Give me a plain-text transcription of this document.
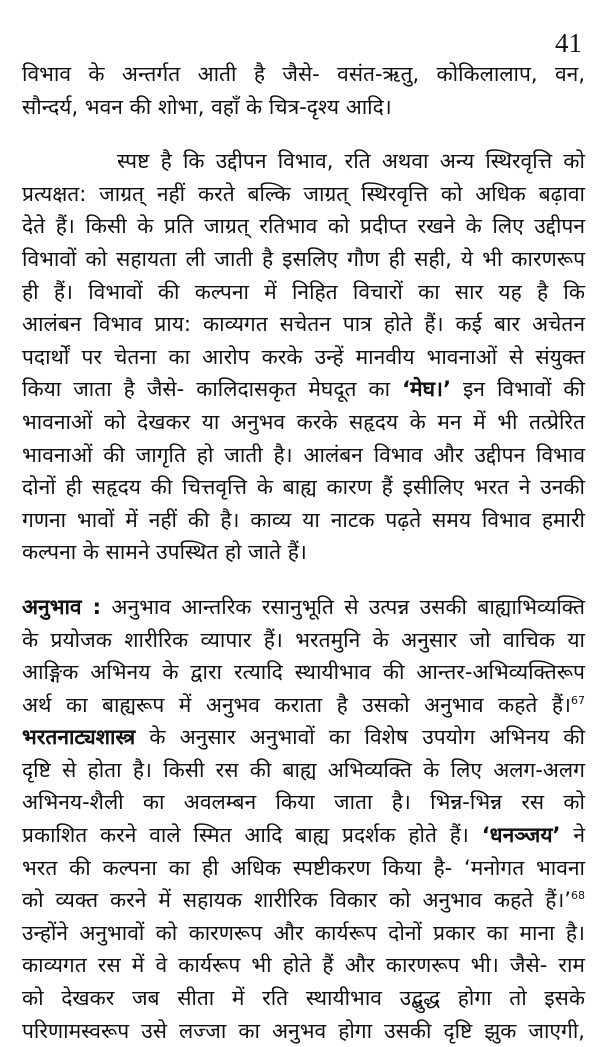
41
विभाव के अन्तर्गत आती है जैसे- वसंत-ऋतु, कोकिलालाप, वन,
सौन्दर्य, भवन की शोभा, वहाँ के चित्र-दृश्य आदि।
स्पष्ट है कि उद्दीपन विभाव, रति अथवा अन्य स्थिरवृत्ति को
प्रत्यक्षत: जाग्रत् नहीं करते बल्कि जाग्रत् स्थिरवृत्ति को अधिक बढ़ावा
देते हैं। किसी के प्रति जाग्रत् रतिभाव को प्रदीप्त रखने के लिए उद्दीपन
विभावों को सहायता ली जाती है इसलिए गौण ही सही, ये भी कारणरूप
ही हैं। विभावों की कल्पना में निहित विचारों का सार यह है कि
आलंबन विभाव प्राय: काव्यगत सचेतन पात्र होते हैं। कई बार अचेतन
पदार्थों पर चेतना का आरोप करके उन्हें मानवीय भावनाओं से संयुक्त
किया जाता है जैसे- कालिदासकृत मेघदूत का ‘मेघ।’ इन विभावों की
भावनाओं को देखकर या अनुभव करके सहृदय के मन में भी तत्प्रेरित
भावनाओं की जागृति हो जाती है। आलंबन विभाव और उद्दीपन विभाव
दोनों ही सहृदय की चित्तवृत्ति के बाह्य कारण हैं इसीलिए भरत ने उनकी
गणना भावों में नहीं की है। काव्य या नाटक पढ़ते समय विभाव हमारी
कल्पना के सामने उपस्थित हो जाते हैं।
अनुभाव : अनुभाव आन्तरिक रसानुभूति से उत्पन्न उसकी बाह्याभिव्यक्ति
के प्रयोजक शारीरिक व्यापार हैं। भरतमुनि के अनुसार जो वाचिक या
आङ्गिक अभिनय के द्वारा रत्यादि स्थायीभाव की आन्तर-अभिव्यक्तिरूप
अर्थ का बाह्यरूप में अनुभव कराता है उसको अनुभाव कहते हैं।$^{67}$
भरतनाट्यशास्त्र के अनुसार अनुभावों का विशेष उपयोग अभिनय की
दृष्टि से होता है। किसी रस की बाह्य अभिव्यक्ति के लिए अलग-अलग
अभिनय-शैली का अवलम्बन किया जाता है। भिन्न-भिन्न रस को
प्रकाशित करने वाले स्मित आदि बाह्य प्रदर्शक होते हैं। ‘धनञ्जय’ ने
भरत की कल्पना का ही अधिक स्पष्टीकरण किया है- ‘मनोगत भावना
को व्यक्त करने में सहायक शारीरिक विकार को अनुभाव कहते हैं।’$^{68}$
उन्होंने अनुभावों को कारणरूप और कार्यरूप दोनों प्रकार का माना है।
काव्यगत रस में वे कार्यरूप भी होते हैं और कारणरूप भी। जैसे- राम
को देखकर जब सीता में रति स्थायीभाव उद्बुद्ध होगा तो इसके
परिणामस्वरूप उसे लज्जा का अनुभव होगा उसकी दृष्टि झुक जाएगी,
